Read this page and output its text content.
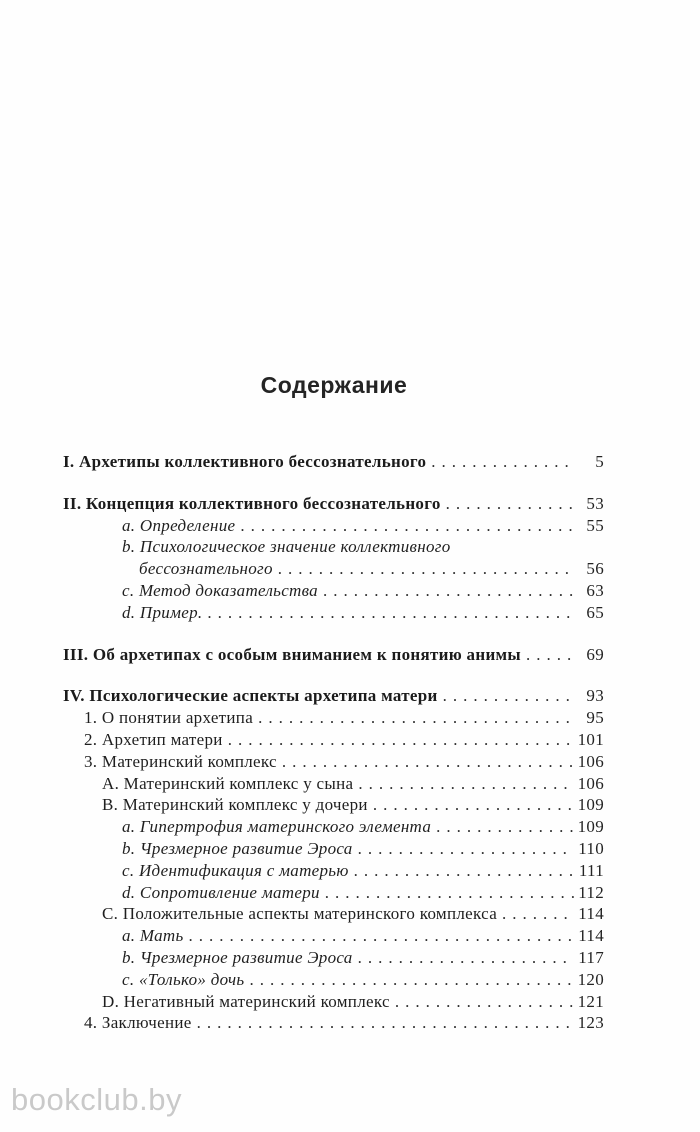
Содержание
I. Архетипы коллективного бессознательного .....	5
II. Концепция коллективного бессознательного .....	53
a. Определение .....	55
b. Психологическое значение коллективного
бессознательного .....	56
c. Метод доказательства .....	63
d. Пример. .....	65
III. Об архетипах с особым вниманием к понятию анимы .....	69
IV. Психологические аспекты архетипа матери .....	93
1. О понятии архетипа .....	95
2. Архетип матери .....	101
3. Материнский комплекс .....	106
A. Материнский комплекс у сына .....	106
B. Материнский комплекс у дочери .....	109
a. Гипертрофия материнского элемента .....	109
b. Чрезмерное развитие Эроса .....	110
c. Идентификация с матерью .....	111
d. Сопротивление матери .....	112
C. Положительные аспекты материнского комплекса .....	114
a. Мать .....	114
b. Чрезмерное развитие Эроса .....	117
c. «Только» дочь .....	120
D. Негативный материнский комплекс .....	121
4. Заключение .....	123
bookclub.by
